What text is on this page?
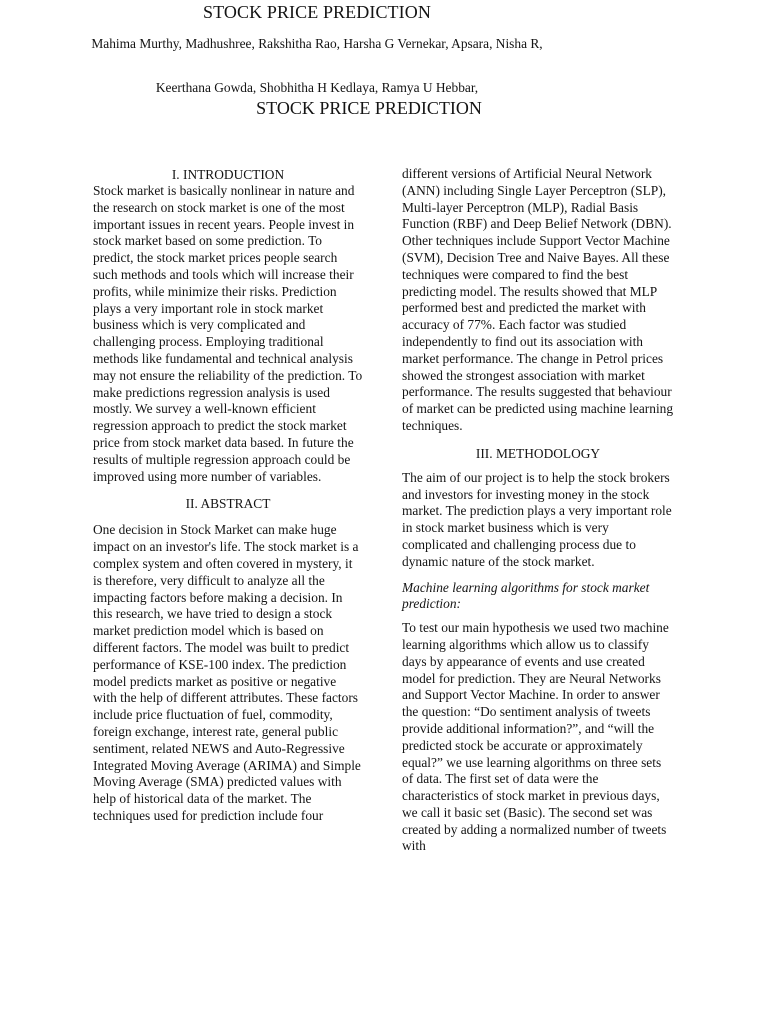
STOCK PRICE PREDICTION
Mahima Murthy, Madhushree, Rakshitha Rao, Harsha G Vernekar, Apsara, Nisha R,
Keerthana Gowda, Shobhitha H Kedlaya, Ramya U Hebbar,
STOCK PRICE PREDICTION
I. INTRODUCTION

Stock market is basically nonlinear in nature and the research on stock market is one of the most important issues in recent years. People invest in stock market based on some prediction. To predict, the stock market prices people search such methods and tools which will increase their profits, while minimize their risks. Prediction plays a very important role in stock market business which is very complicated and challenging process. Employing traditional methods like fundamental and technical analysis may not ensure the reliability of the prediction. To make predictions regression analysis is used mostly. We survey a well-known efficient regression approach to predict the stock market price from stock market data based. In future the results of multiple regression approach could be improved using more number of variables.

II. ABSTRACT

One decision in Stock Market can make huge impact on an investor's life. The stock market is a complex system and often covered in mystery, it is therefore, very difficult to analyze all the impacting factors before making a decision. In this research, we have tried to design a stock market prediction model which is based on different factors. The model was built to predict performance of KSE-100 index. The prediction model predicts market as positive or negative with the help of different attributes. These factors include price fluctuation of fuel, commodity, foreign exchange, interest rate, general public sentiment, related NEWS and Auto-Regressive Integrated Moving Average (ARIMA) and Simple Moving Average (SMA) predicted values with help of historical data of the market. The techniques used for prediction include four

different versions of Artificial Neural Network (ANN) including Single Layer Perceptron (SLP), Multi-layer Perceptron (MLP), Radial Basis Function (RBF) and Deep Belief Network (DBN). Other techniques include Support Vector Machine (SVM), Decision Tree and Naive Bayes. All these techniques were compared to find the best predicting model. The results showed that MLP performed best and predicted the market with accuracy of 77%. Each factor was studied independently to find out its association with market performance. The change in Petrol prices showed the strongest association with market performance. The results suggested that behaviour of market can be predicted using machine learning techniques.

III. METHODOLOGY

The aim of our project is to help the stock brokers and investors for investing money in the stock market. The prediction plays a very important role in stock market business which is very complicated and challenging process due to dynamic nature of the stock market.

Machine learning algorithms for stock market prediction:

To test our main hypothesis we used two machine learning algorithms which allow us to classify days by appearance of events and use created model for prediction. They are Neural Networks and Support Vector Machine. In order to answer the question: “Do sentiment analysis of tweets provide additional information?”, and “will the predicted stock be accurate or approximately equal?” we use learning algorithms on three sets of data. The first set of data were the characteristics of stock market in previous days, we call it basic set (Basic). The second set was created by adding a normalized number of tweets with
